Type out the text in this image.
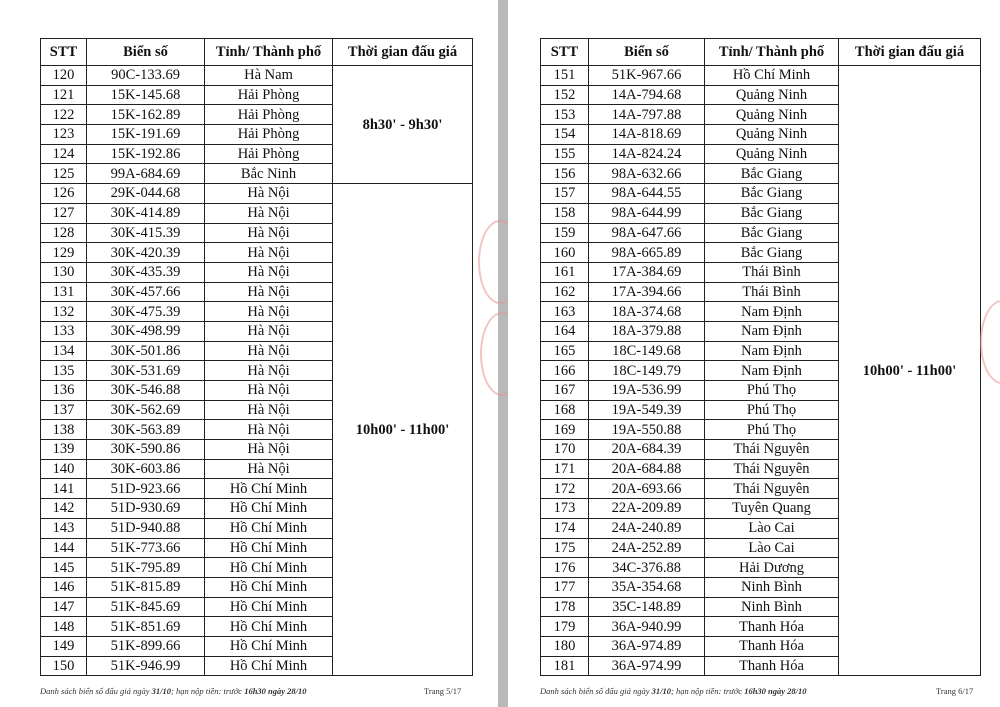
STT	Biển số	Tỉnh/ Thành phố	Thời gian đấu giá
120	90C-133.69	Hà Nam	8h30' - 9h30'
121	15K-145.68	Hải Phòng	
122	15K-162.89	Hải Phòng	
123	15K-191.69	Hải Phòng	
124	15K-192.86	Hải Phòng	
125	99A-684.69	Bắc Ninh	
126	29K-044.68	Hà Nội	10h00' - 11h00'
127	30K-414.89	Hà Nội	
128	30K-415.39	Hà Nội	
129	30K-420.39	Hà Nội	
130	30K-435.39	Hà Nội	
131	30K-457.66	Hà Nội	
132	30K-475.39	Hà Nội	
133	30K-498.99	Hà Nội	
134	30K-501.86	Hà Nội	
135	30K-531.69	Hà Nội	
136	30K-546.88	Hà Nội	
137	30K-562.69	Hà Nội	
138	30K-563.89	Hà Nội	
139	30K-590.86	Hà Nội	
140	30K-603.86	Hà Nội	
141	51D-923.66	Hồ Chí Minh	
142	51D-930.69	Hồ Chí Minh	
143	51D-940.88	Hồ Chí Minh	
144	51K-773.66	Hồ Chí Minh	
145	51K-795.89	Hồ Chí Minh	
146	51K-815.89	Hồ Chí Minh	
147	51K-845.69	Hồ Chí Minh	
148	51K-851.69	Hồ Chí Minh	
149	51K-899.66	Hồ Chí Minh	
150	51K-946.99	Hồ Chí Minh	
Danh sách biển số đấu giá ngày 31/10; hạn nộp tiền: trước 16h30 ngày 28/10	Trang 5/17
STT	Biển số	Tỉnh/ Thành phố	Thời gian đấu giá
151	51K-967.66	Hồ Chí Minh	10h00' - 11h00'
152	14A-794.68	Quảng Ninh	
153	14A-797.88	Quảng Ninh	
154	14A-818.69	Quảng Ninh	
155	14A-824.24	Quảng Ninh	
156	98A-632.66	Bắc Giang	
157	98A-644.55	Bắc Giang	
158	98A-644.99	Bắc Giang	
159	98A-647.66	Bắc Giang	
160	98A-665.89	Bắc Giang	
161	17A-384.69	Thái Bình	
162	17A-394.66	Thái Bình	
163	18A-374.68	Nam Định	
164	18A-379.88	Nam Định	
165	18C-149.68	Nam Định	
166	18C-149.79	Nam Định	
167	19A-536.99	Phú Thọ	
168	19A-549.39	Phú Thọ	
169	19A-550.88	Phú Thọ	
170	20A-684.39	Thái Nguyên	
171	20A-684.88	Thái Nguyên	
172	20A-693.66	Thái Nguyên	
173	22A-209.89	Tuyên Quang	
174	24A-240.89	Lào Cai	
175	24A-252.89	Lào Cai	
176	34C-376.88	Hải Dương	
177	35A-354.68	Ninh Bình	
178	35C-148.89	Ninh Bình	
179	36A-940.99	Thanh Hóa	
180	36A-974.89	Thanh Hóa	
181	36A-974.99	Thanh Hóa	
Danh sách biển số đấu giá ngày 31/10; hạn nộp tiền: trước 16h30 ngày 28/10	Trang 6/17
